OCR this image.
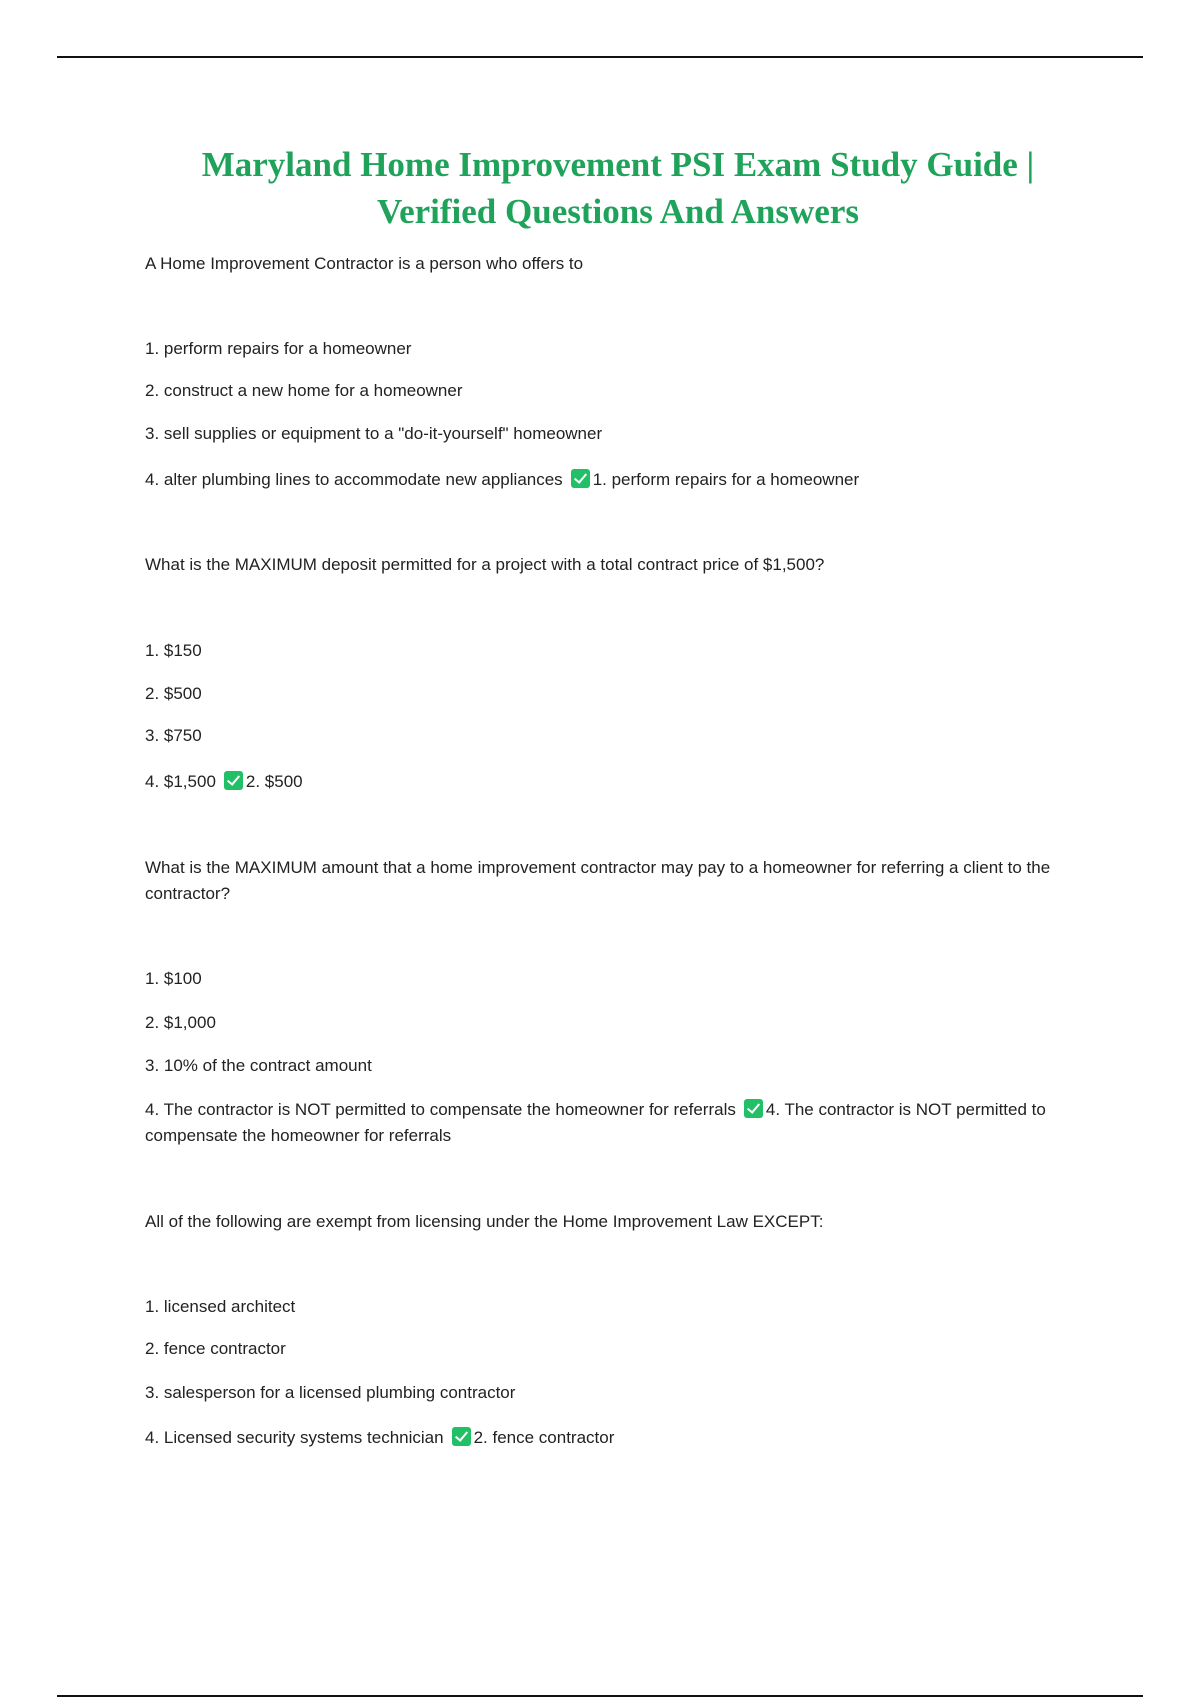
Maryland Home Improvement PSI Exam Study Guide |
Verified Questions And Answers
A Home Improvement Contractor is a person who offers to
1. perform repairs for a homeowner
2. construct a new home for a homeowner
3. sell supplies or equipment to a "do-it-yourself" homeowner
4. alter plumbing lines to accommodate new appliances 1. perform repairs for a homeowner
What is the MAXIMUM deposit permitted for a project with a total contract price of $1,500?
1. $150
2. $500
3. $750
4. $1,500 2. $500
What is the MAXIMUM amount that a home improvement contractor may pay to a homeowner for referring a client to the contractor?
1. $100
2. $1,000
3. 10% of the contract amount
4. The contractor is NOT permitted to compensate the homeowner for referrals 4. The contractor is NOT permitted to compensate the homeowner for referrals
All of the following are exempt from licensing under the Home Improvement Law EXCEPT:
1. licensed architect
2. fence contractor
3. salesperson for a licensed plumbing contractor
4. Licensed security systems technician 2. fence contractor
